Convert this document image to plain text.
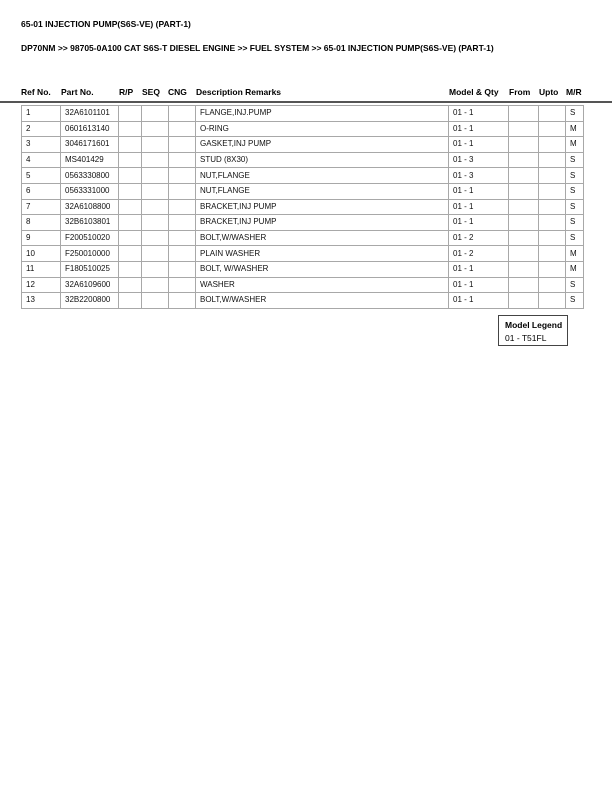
65-01 INJECTION PUMP(S6S-VE) (PART-1)
DP70NM >> 98705-0A100 CAT S6S-T DIESEL ENGINE >> FUEL SYSTEM >> 65-01 INJECTION PUMP(S6S-VE) (PART-1)
Ref No. Part No.	R/P SEQ CNG Description Remarks	Model & Qty From Upto M/R
1	32A6101101				FLANGE,INJ.PUMP	01 - 1			S
2	0601613140				O-RING	01 - 1			M
3	3046171601				GASKET,INJ PUMP	01 - 1			M
4	MS401429				STUD (8X30)	01 - 3			S
5	0563330800				NUT,FLANGE	01 - 3			S
6	0563331000				NUT,FLANGE	01 - 1			S
7	32A6108800				BRACKET,INJ PUMP	01 - 1			S
8	32B6103801				BRACKET,INJ PUMP	01 - 1			S
9	F200510020				BOLT,W/WASHER	01 - 2			S
10	F250010000				PLAIN WASHER	01 - 2			M
11	F180510025				BOLT, W/WASHER	01 - 1			M
12	32A6109600				WASHER	01 - 1			S
13	32B2200800				BOLT,W/WASHER	01 - 1			S
Model Legend
01 - T51FL
